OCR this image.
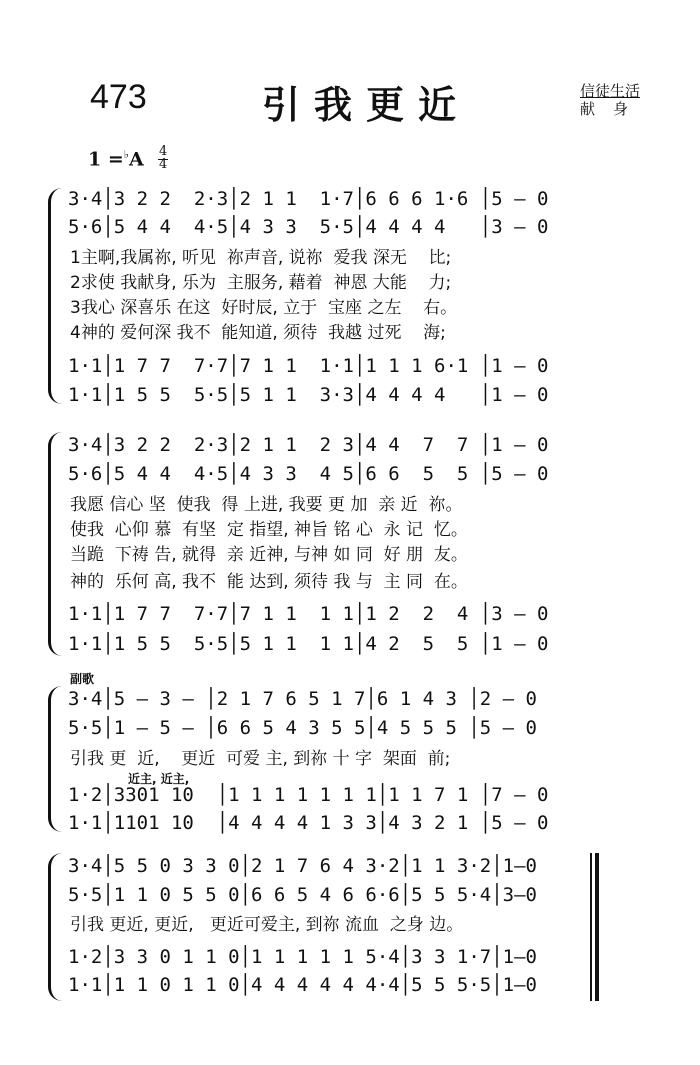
473	引我更近	信徒生活
献身
1 =♭A 4
4
3·4│3 2 2  2·3│2 1 1  1·7│6 6 6 1·6 │5 – 0
5·6│5 4 4  4·5│4 3 3  5·5│4 4 4 4   │3 – 0
1主啊,我属祢, 听见  祢声音, 说祢  爱我 深无    比;
2求使 我献身, 乐为  主服务, 藉着  神恩 大能    力;
3我心 深喜乐 在这  好时辰, 立于  宝座 之左    右。
4神的 爱何深 我不  能知道, 须待  我越 过死    海;
1·1│1 7 7  7·7│7 1 1  1·1│1 1 1 6·1 │1 – 0
1·1│1 5 5  5·5│5 1 1  3·3│4 4 4 4   │1 – 0
3·4│3 2 2  2·3│2 1 1  2 3│4 4  7  7 │1 – 0
5·6│5 4 4  4·5│4 3 3  4 5│6 6  5  5 │5 – 0
我愿 信心 坚  使我  得 上进, 我要 更 加  亲 近  祢。
使我  心仰 慕  有坚  定 指望, 神旨 铭 心  永 记  忆。
当跪  下祷 告, 就得  亲 近神, 与神 如 同  好 朋  友。
神的  乐何 高, 我不  能 达到, 须待 我 与  主 同  在。
1·1│1 7 7  7·7│7 1 1  1 1│1 2  2  4 │3 – 0
1·1│1 5 5  5·5│5 1 1  1 1│4 2  5  5 │1 – 0
副歌
3·4│5 – 3 – │2 1 7 6 5 1 7│6 1 4 3 │2 – 0
5·5│1 – 5 – │6 6 5 4 3 5 5│4 5 5 5 │5 – 0
引我 更  近,    更近  可爱 主, 到祢 十 字  架面  前;
近主, 近主,
1·2│3301 10  │1 1 1 1 1 1 1│1 1 7 1 │7 – 0
1·1│1101 10  │4 4 4 4 1 3 3│4 3 2 1 │5 – 0
3·4│5 5 0 3 3 0│2 1 7 6 4 3·2│1 1 3·2│1–0
5·5│1 1 0 5 5 0│6 6 5 4 6 6·6│5 5 5·4│3–0
引我 更近, 更近,   更近可爱主, 到祢 流血  之身 边。
1·2│3 3 0 1 1 0│1 1 1 1 1 5·4│3 3 1·7│1–0
1·1│1 1 0 1 1 0│4 4 4 4 4 4·4│5 5 5·5│1–0
